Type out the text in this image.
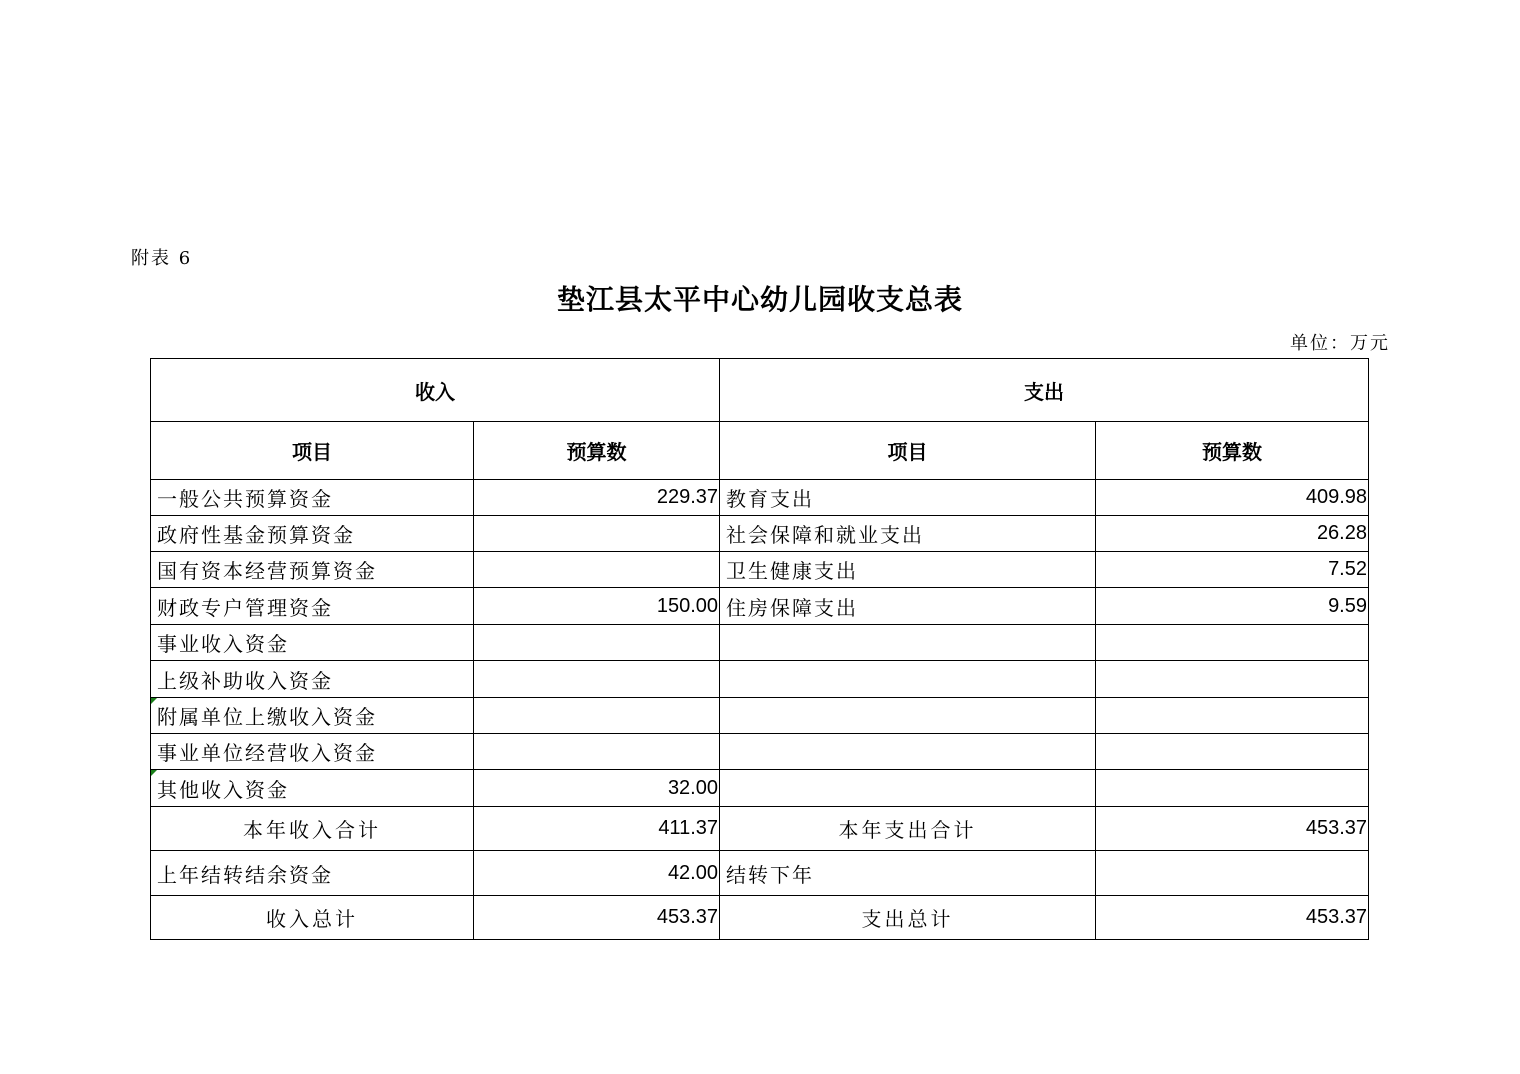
附表 6
垫江县太平中心幼儿园收支总表
单位：万元
收入		支出	
项目	预算数	项目	预算数
一般公共预算资金	229.37	教育支出	409.98
政府性基金预算资金		社会保障和就业支出	26.28
国有资本经营预算资金		卫生健康支出	7.52
财政专户管理资金	150.00	住房保障支出	9.59
事业收入资金			
上级补助收入资金			
附属单位上缴收入资金			
事业单位经营收入资金			
其他收入资金	32.00		
本年收入合计	411.37	本年支出合计	453.37
上年结转结余资金	42.00	结转下年	
收入总计	453.37	支出总计	453.37
